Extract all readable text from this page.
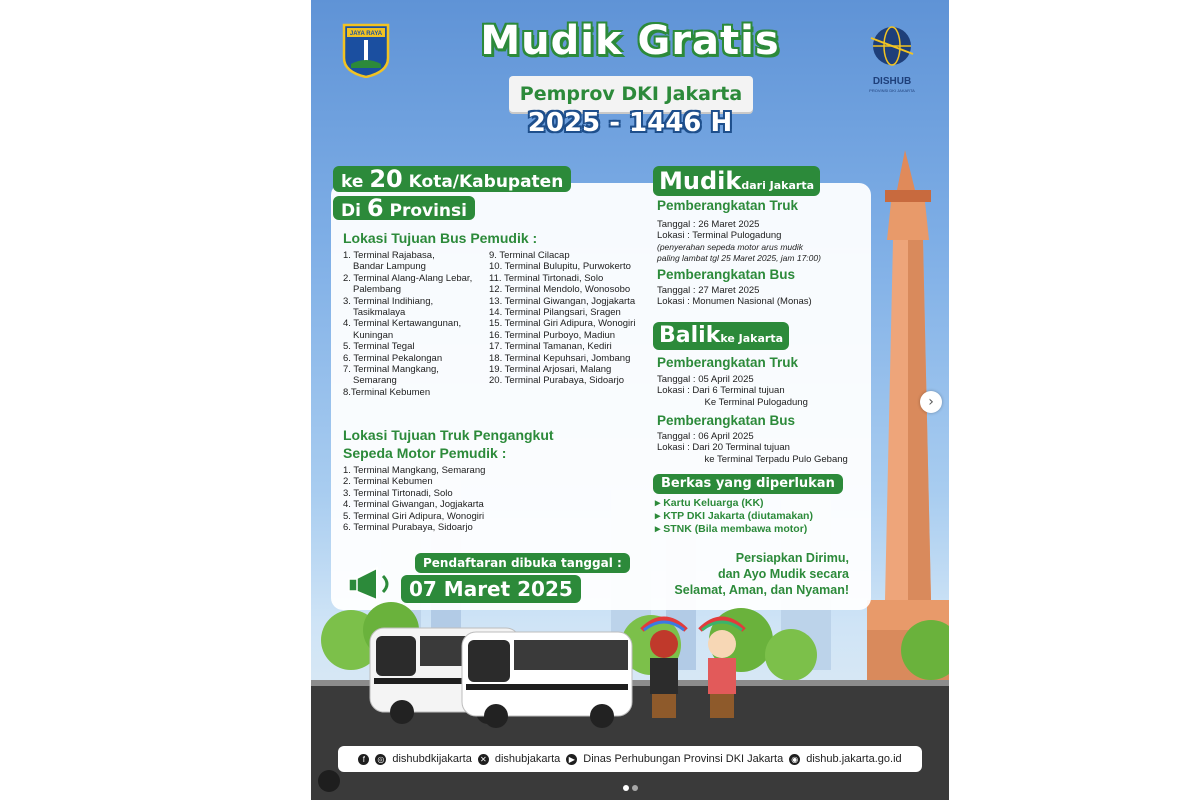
Mudik Gratis
Pemprov DKI Jakarta
2025 - 1446 H
JAYA RAYA
DISHUB
PROVINSI DKI JAKARTA
ke 20 Kota/Kabupaten
Di 6 Provinsi
Lokasi Tujuan Bus Pemudik :
1. Terminal Rajabasa,
Bandar Lampung
2. Terminal Alang-Alang Lebar,
Palembang
3. Terminal Indihiang,
Tasikmalaya
4. Terminal Kertawangunan,
Kuningan
5. Terminal Tegal
6. Terminal Pekalongan
7. Terminal Mangkang,
Semarang
8.Terminal Kebumen
9. Terminal Cilacap
10. Terminal Bulupitu, Purwokerto
11. Terminal Tirtonadi, Solo
12. Terminal Mendolo, Wonosobo
13. Terminal Giwangan, Jogjakarta
14. Terminal Pilangsari, Sragen
15. Terminal Giri Adipura, Wonogiri
16. Terminal Purboyo, Madiun
17. Terminal Tamanan, Kediri
18. Terminal Kepuhsari, Jombang
19. Terminal Arjosari, Malang
20. Terminal Purabaya, Sidoarjo
Lokasi Tujuan Truk Pengangkut
Sepeda Motor Pemudik :
1. Terminal Mangkang, Semarang
2. Terminal Kebumen
3. Terminal Tirtonadi, Solo
4. Terminal Giwangan, Jogjakarta
5. Terminal Giri Adipura, Wonogiri
6. Terminal Purabaya, Sidoarjo
Pendaftaran dibuka tanggal :
07 Maret 2025
Mudikdari Jakarta
Pemberangkatan Truk
Tanggal : 26 Maret 2025
Lokasi : Terminal Pulogadung
(penyerahan sepeda motor arus mudik
paling lambat tgl 25 Maret 2025, jam 17:00)
Pemberangkatan Bus
Tanggal : 27 Maret 2025
Lokasi : Monumen Nasional (Monas)
Balikke Jakarta
Pemberangkatan Truk
Tanggal : 05 April 2025
Lokasi : Dari 6 Terminal tujuan
Ke Terminal Pulogadung
Pemberangkatan Bus
Tanggal : 06 April 2025
Lokasi : Dari 20 Terminal tujuan
ke Terminal Terpadu Pulo Gebang
Berkas yang diperlukan
▸ Kartu Keluarga (KK)
▸ KTP DKI Jakarta (diutamakan)
▸ STNK (Bila membawa motor)
Persiapkan Dirimu,
dan Ayo Mudik secara
Selamat, Aman, dan Nyaman!
f	◎ dishubdkijakarta ✕ dishubjakarta	▶ Dinas Perhubungan Provinsi DKI Jakarta ◉ dishub.jakarta.go.id
›
